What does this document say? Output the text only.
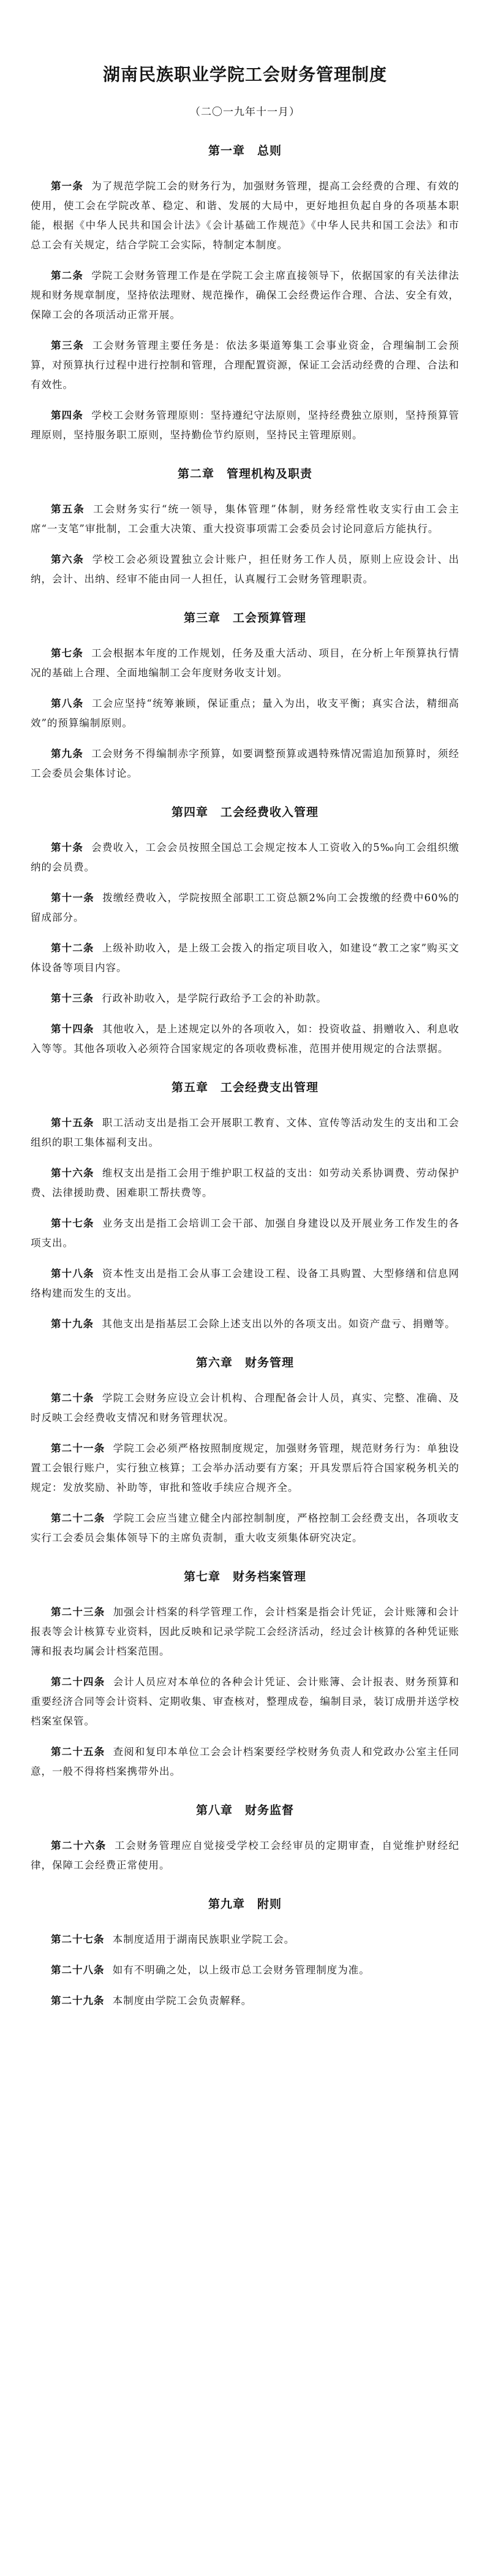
湖南民族职业学院工会财务管理制度
（二〇一九年十一月）
第一章　总则

第一条 为了规范学院工会的财务行为，加强财务管理，提高工会经费的合理、有效的使用，使工会在学院改革、稳定、和谐、发展的大局中，更好地担负起自身的各项基本职能，根据《中华人民共和国会计法》《会计基础工作规范》《中华人民共和国工会法》和市总工会有关规定，结合学院工会实际，特制定本制度。

第二条 学院工会财务管理工作是在学院工会主席直接领导下，依据国家的有关法律法规和财务规章制度，坚持依法理财、规范操作，确保工会经费运作合理、合法、安全有效，保障工会的各项活动正常开展。

第三条 工会财务管理主要任务是：依法多渠道筹集工会事业资金，合理编制工会预算，对预算执行过程中进行控制和管理，合理配置资源，保证工会活动经费的合理、合法和有效性。

第四条 学校工会财务管理原则：坚持遵纪守法原则，坚持经费独立原则，坚持预算管理原则，坚持服务职工原则，坚持勤俭节约原则，坚持民主管理原则。

第二章　管理机构及职责

第五条 工会财务实行“统一领导，集体管理”体制，财务经常性收支实行由工会主席“一支笔”审批制，工会重大决策、重大投资事项需工会委员会讨论同意后方能执行。

第六条 学校工会必须设置独立会计账户，担任财务工作人员，原则上应设会计、出纳，会计、出纳、经审不能由同一人担任，认真履行工会财务管理职责。

第三章　工会预算管理

第七条 工会根据本年度的工作规划，任务及重大活动、项目，在分析上年预算执行情况的基础上合理、全面地编制工会年度财务收支计划。

第八条 工会应坚持“统筹兼顾，保证重点；量入为出，收支平衡；真实合法，精细高效”的预算编制原则。

第九条 工会财务不得编制赤字预算，如要调整预算或遇特殊情况需追加预算时，须经工会委员会集体讨论。

第四章　工会经费收入管理

第十条 会费收入，工会会员按照全国总工会规定按本人工资收入的5‰向工会组织缴纳的会员费。

第十一条 拨缴经费收入，学院按照全部职工工资总额2%向工会拨缴的经费中60%的留成部分。

第十二条 上级补助收入，是上级工会拨入的指定项目收入，如建设“教工之家”购买文体设备等项目内容。

第十三条 行政补助收入，是学院行政给予工会的补助款。

第十四条 其他收入，是上述规定以外的各项收入，如：投资收益、捐赠收入、利息收入等等。其他各项收入必须符合国家规定的各项收费标准，范围并使用规定的合法票据。

第五章　工会经费支出管理

第十五条 职工活动支出是指工会开展职工教育、文体、宣传等活动发生的支出和工会组织的职工集体福利支出。

第十六条 维权支出是指工会用于维护职工权益的支出：如劳动关系协调费、劳动保护费、法律援助费、困难职工帮扶费等。

第十七条 业务支出是指工会培训工会干部、加强自身建设以及开展业务工作发生的各项支出。

第十八条 资本性支出是指工会从事工会建设工程、设备工具购置、大型修缮和信息网络构建而发生的支出。

第十九条 其他支出是指基层工会除上述支出以外的各项支出。如资产盘亏、捐赠等。

第六章　财务管理

第二十条 学院工会财务应设立会计机构、合理配备会计人员，真实、完整、准确、及时反映工会经费收支情况和财务管理状况。

第二十一条 学院工会必须严格按照制度规定，加强财务管理，规范财务行为：单独设置工会银行账户，实行独立核算；工会举办活动要有方案；开具发票后符合国家税务机关的规定：发放奖励、补助等，审批和签收手续应合规齐全。

第二十二条 学院工会应当建立健全内部控制制度，严格控制工会经费支出，各项收支实行工会委员会集体领导下的主席负责制，重大收支须集体研究决定。

第七章　财务档案管理

第二十三条 加强会计档案的科学管理工作，会计档案是指会计凭证，会计账簿和会计报表等会计核算专业资料，因此反映和记录学院工会经济活动，经过会计核算的各种凭证账簿和报表均属会计档案范围。

第二十四条 会计人员应对本单位的各种会计凭证、会计账簿、会计报表、财务预算和重要经济合同等会计资料、定期收集、审查核对，整理成卷，编制目录，装订成册并送学校档案室保管。

第二十五条 查阅和复印本单位工会会计档案要经学校财务负责人和党政办公室主任同意，一般不得将档案携带外出。

第八章　财务监督

第二十六条 工会财务管理应自觉接受学校工会经审员的定期审查，自觉维护财经纪律，保障工会经费正常使用。

第九章　附则

第二十七条 本制度适用于湖南民族职业学院工会。

第二十八条 如有不明确之处，以上级市总工会财务管理制度为准。

第二十九条 本制度由学院工会负责解释。
